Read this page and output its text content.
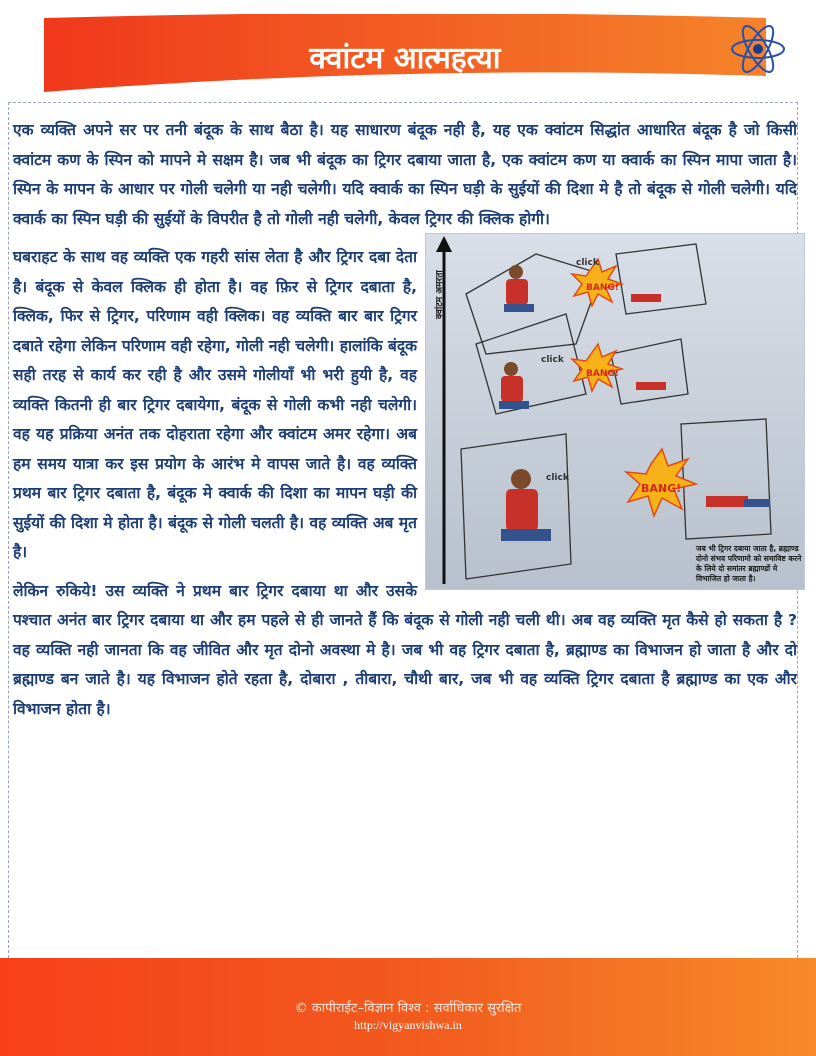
क्वांटम आत्महत्या

एक व्यक्ति अपने सर पर तनी बंदूक के साथ बैठा है। यह साधारण बंदूक नही है, यह एक क्वांटम सिद्धांत आधारित बंदूक है जो किसी क्वांटम कण के स्पिन को मापने मे सक्षम है। जब भी बंदूक का ट्रिगर दबाया जाता है, एक क्वांटम कण या क्वार्क का स्पिन मापा जाता है। स्पिन के मापन के आधार पर गोली चलेगी या नही चलेगी। यदि क्वार्क का स्पिन घड़ी के सुईयों की दिशा मे है तो बंदूक से गोली चलेगी। यदि क्वार्क का स्पिन घड़ी की सुईयों के विपरीत है तो गोली नही चलेगी, केवल ट्रिगर की क्लिक होगी।

क्वांटम अमरता
click
click
click
BANG!
BANG!
BANG!
जब भी ट्रिगर दबाया जाता है, ब्रह्माण्ड दोनो संभव परिणामो को समाविष्ट करने के लिये दो समांतर ब्रह्माण्डों मे विभाजित हो जाता है।

घबराहट के साथ वह व्यक्ति एक गहरी सांस लेता है और ट्रिगर दबा देता है। बंदूक से केवल क्लिक ही होता है। वह फ़िर से ट्रिगर दबाता है, क्लिक, फिर से ट्रिगर, परिणाम वही क्लिक। वह व्यक्ति बार बार ट्रिगर दबाते रहेगा लेकिन परिणाम वही रहेगा, गोली नही चलेगी। हालांकि बंदूक सही तरह से कार्य कर रही है और उसमे गोलीयाँ भी भरी हुयी है, वह व्यक्ति कितनी ही बार ट्रिगर दबायेगा, बंदूक से गोली कभी नही चलेगी। वह यह प्रक्रिया अनंत तक दोहराता रहेगा और क्वांटम अमर रहेगा। अब हम समय यात्रा कर इस प्रयोग के आरंभ मे वापस जाते है। वह व्यक्ति प्रथम बार ट्रिगर दबाता है, बंदूक मे क्वार्क की दिशा का मापन घड़ी की सुईयों की दिशा मे होता है। बंदूक से गोली चलती है। वह व्यक्ति अब मृत है।

लेकिन रुकिये! उस व्यक्ति ने प्रथम बार ट्रिगर दबाया था और उसके पश्चात अनंत बार ट्रिगर दबाया था और हम पहले से ही जानते हैं कि बंदूक से गोली नही चली थी। अब वह व्यक्ति मृत कैसे हो सकता है ? वह व्यक्ति नही जानता कि वह जीवित और मृत दोनो अवस्था मे है। जब भी वह ट्रिगर दबाता है, ब्रह्माण्ड का विभाजन हो जाता है और दो ब्रह्माण्ड बन जाते है। यह विभाजन होते रहता है, दोबारा , तीबारा, चौथी बार, जब भी वह व्यक्ति ट्रिगर दबाता है ब्रह्माण्ड का एक और विभाजन होता है।

© कापीराईट–विज्ञान विश्व : सर्वाधिकार सुरक्षित
http://vigyanvishwa.in
विज्ञान विश्व
